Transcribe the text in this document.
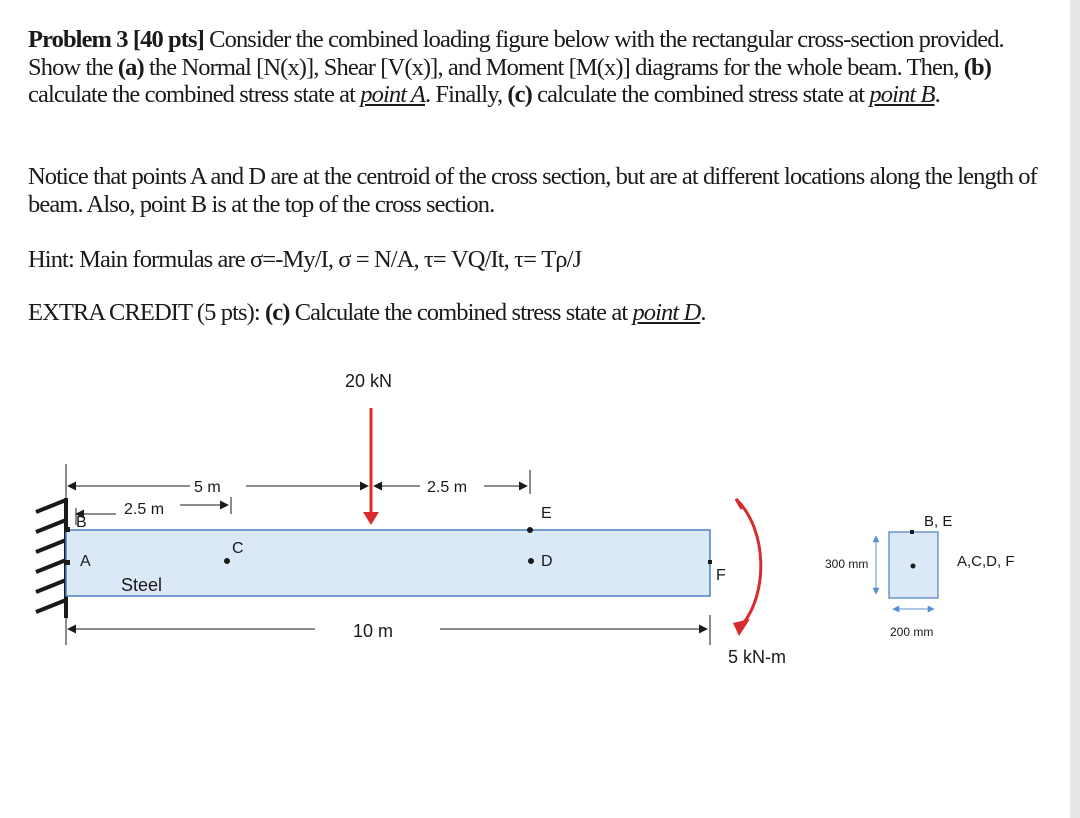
Problem 3 [40 pts] Consider the combined loading figure below with the rectangular cross-section provided. Show the (a) the Normal [N(x)], Shear [V(x)], and Moment [M(x)] diagrams for the whole beam. Then, (b) calculate the combined stress state at point A. Finally, (c) calculate the combined stress state at point B.

Notice that points A and D are at the centroid of the cross section, but are at different locations along the length of beam. Also, point B is at the top of the cross section.

Hint: Main formulas are σ=-My/I, σ = N/A, τ= VQ/It, τ= Tρ/J

EXTRA CREDIT (5 pts): (c) Calculate the combined stress state at point D.

20 kN
5 m	2.5 m
2.5 m
10 m
B
A
C
E
D
F
Steel
5 kN-m
B, E
A,C,D, F
300 mm
200 mm
